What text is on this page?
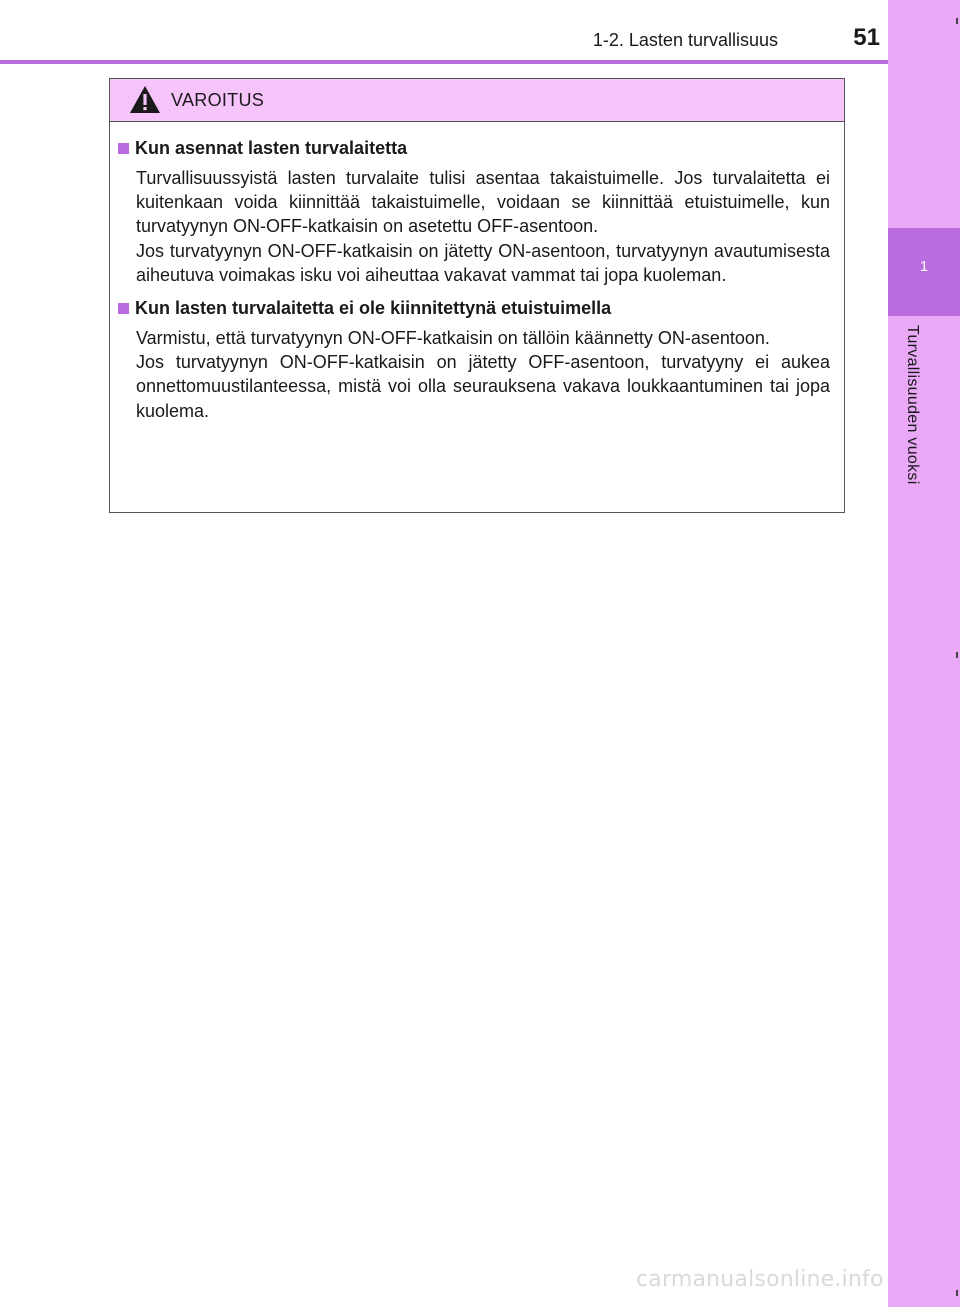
1
Turvallisuuden vuoksi
1-2. Lasten turvallisuus	51
VAROITUS
Kun asennat lasten turvalaitetta

Turvallisuussyistä lasten turvalaite tulisi asentaa takaistuimelle. Jos turvalaitetta ei kuitenkaan voida kiinnittää takaistuimelle, voidaan se kiinnittää etuistuimelle, kun turvatyynyn ON-OFF-katkaisin on asetettu OFF-asentoon.

Jos turvatyynyn ON-OFF-katkaisin on jätetty ON-asentoon, turvatyynyn avautumisesta aiheutuva voimakas isku voi aiheuttaa vakavat vammat tai jopa kuoleman.

Kun lasten turvalaitetta ei ole kiinnitettynä etuistuimella

Varmistu, että turvatyynyn ON-OFF-katkaisin on tällöin käännetty ON-asentoon.

Jos turvatyynyn ON-OFF-katkaisin on jätetty OFF-asentoon, turvatyyny ei aukea onnettomuustilanteessa, mistä voi olla seurauksena vakava loukkaantuminen tai jopa kuolema.

carmanualsonline.info
